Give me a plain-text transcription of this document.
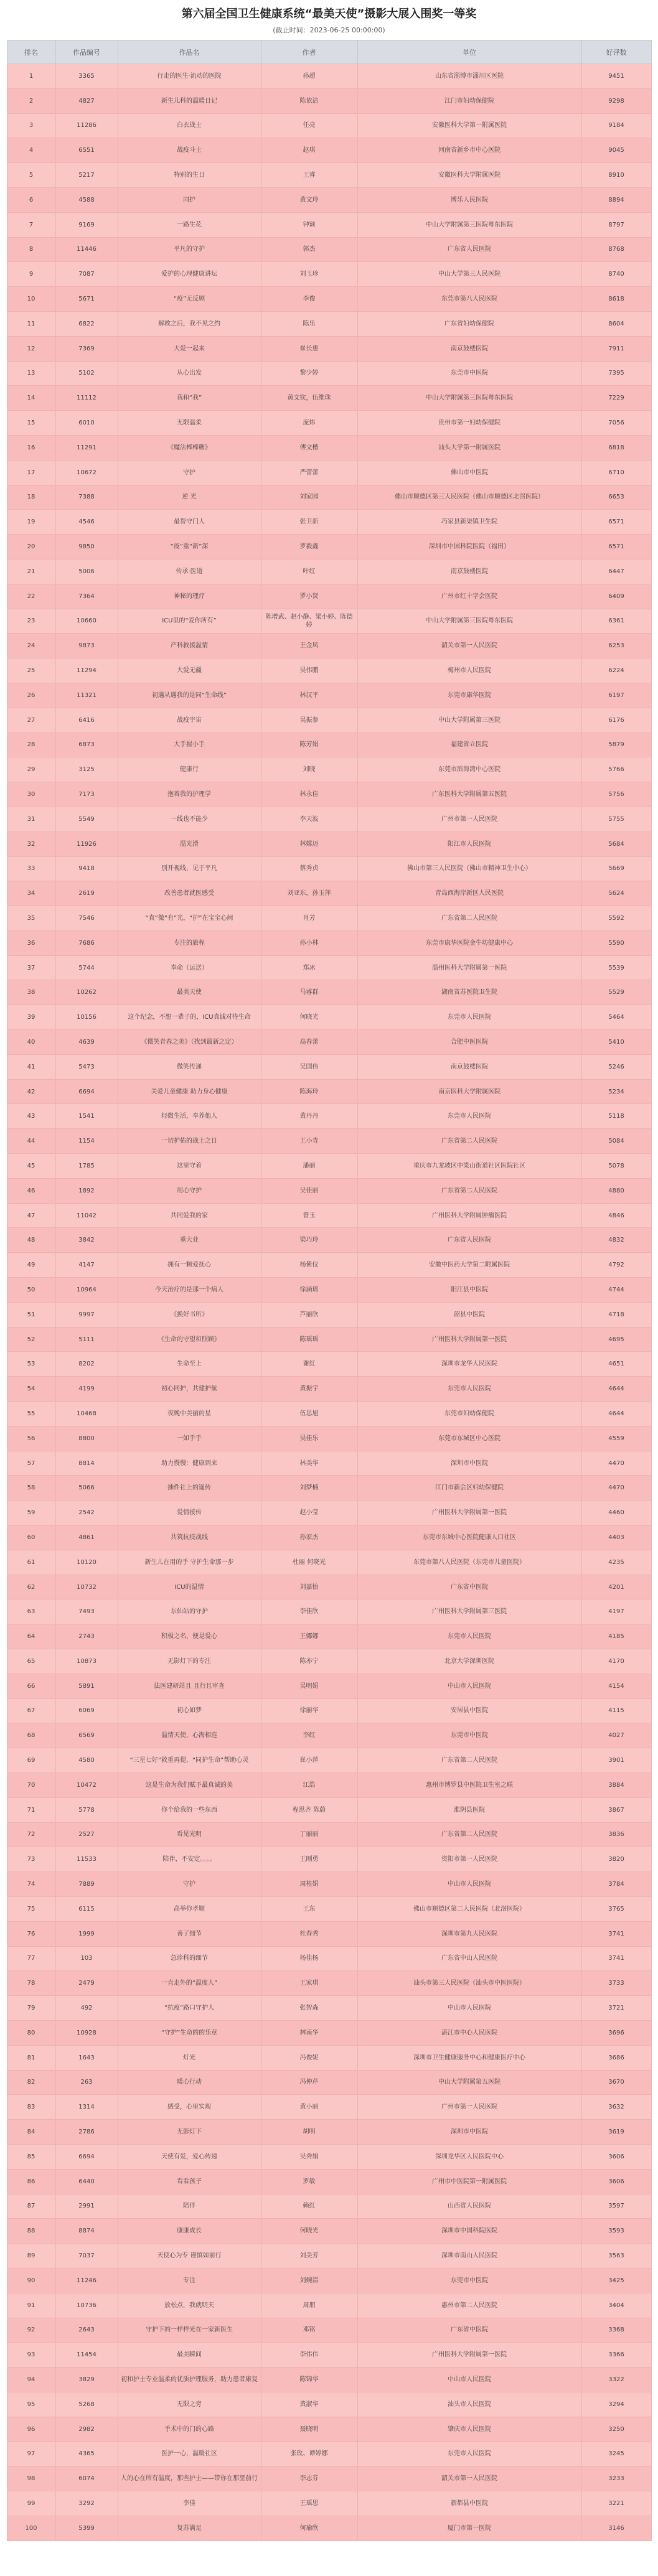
第六届全国卫生健康系统“最美天使”摄影大展入围奖一等奖
(截止时间：2023-06-25 00:00:00)
排名	作品编号	作品名	作者	单位	好评数
1	3365	行走的医生·流动的医院	孙超	山东省淄博市淄川区医院	9451
2	4827	新生儿科的温暖日记	陈依洁	江门市妇幼保健院	9298
3	11286	白衣战士	任亮	安徽医科大学第一附属医院	9184
4	6551	战疫斗士	赵琪	河南省新乡市中心医院	9045
5	5217	特别的生日	王睿	安徽医科大学附属医院	8910
6	4588	同护	黄文玲	博乐人民医院	8894
7	9169	一路生花	钟颖	中山大学附属第三医院粤东医院	8797
8	11446	平凡的守护	郭杰	广东省人民医院	8768
9	7087	爱护的心理健康讲坛	刘玉珍	中山大学第三人民医院	8740
10	5671	“疫”无反顾	李俊	东莞市第八人民医院	8618
11	6822	解救之后，我不见之约	陈乐	广东省妇幼保健院	8604
12	7369	大爱一起来	崔长惠	南京鼓楼医院	7911
13	5102	从心出发	黎少婷	东莞市中医院	7395
14	11112	我和“我”	黄文钦，伍维珠	中山大学附属第三医院粤东医院	7229
15	6010	无限温柔	庞炜	贵州市第一妇幼保健院	7056
16	11291	《魔法棒棒糖》	傅文楷	汕头大学第一附属医院	6818
17	10672	守护	严蕾蕾	佛山市中医院	6710
18	7388	逆 光	刘家园	佛山市顺德区第三人民医院（佛山市顺德区北滘医院）	6653
19	4546	最帮守门人	张卫新	巧家县新渠镇卫生院	6571
20	9850	“疫”重“新”深	罗毅鑫	深圳市中国科院医院（福田）	6571
21	5006	传承·医道	叶红	南京鼓楼医院	6447
22	7364	神秘的理疗	罗小贤	广州市红十字会医院	6409
23	10660	ICU里的“爱你所有”	陈增武、赵小静、梁小婷、陈德婷	中山大学附属第三医院粤东医院	6361
24	9873	产科救援温情	王金凤	韶关市第一人民医院	6253
25	11294	大爱无疆	吴伟鹏	梅州市人民医院	6224
26	11321	初遇从遇我的是同“生命线”	林汉平	东莞市康华医院	6197
27	6416	战疫宇宙	吴振参	中山大学附属第三医院	6176
28	6873	大手握小手	陈芳娟	福建省立医院	5879
29	3125	健康行	刘晓	东莞市滨海湾中心医院	5766
30	7173	抱着我的护理学	林永佳	广东医科大学附属第五医院	5756
31	5549	一线也不能少	李天波	广州市第一人民医院	5755
32	11926	温光滑	林嫦迈	阳江市人民医院	5684
33	9418	别开视线，见于平凡	蔡秀贞	佛山市第三人民医院（佛山市精神卫生中心）	5669
34	2619	改善患者就医感受	刘亚东，孙玉萍	青岛西海岸新区人民医院	5624
35	7546	“真”微“有”光，“护”在宝宝心间	肖芳	广东省第二人民医院	5592
36	7686	专注的旅程	孙小林	东莞市康华医院金牛坊健康中心	5590
37	5744	奉命（运送）	郑冰	温州医科大学附属第一医院	5539
38	10262	最美天使	马睿群	湖南省苏医院卫生院	5529
39	10156	这个纪念，不想一辈子的，ICU真诚对待生命	何晓光	东莞市人民医院	5464
40	4639	《微笑青春之美》（找到最新之定）	高春蕾	合肥中医医院	5410
41	5473	微笑传递	吴国伟	南京鼓楼医院	5246
42	6694	关爱儿童健康 助力身心健康	陈海玲	南京医科大学附属医院	5234
43	1541	轻微生活，奉养他人	黄丹丹	东莞市人民医院	5118
44	1154	一切护佑的战士之日	王小青	广东省第二人民医院	5084
45	1785	这里守着	潘丽	重庆市九龙坡区中梁山街道社区医院社区	5078
46	1892	用心守护	吴佳丽	广东省第二人民医院	4880
47	11042	共同爱我的家	曾玉	广州医科大学附属肿瘤医院	4846
48	3842	重大业	梁巧玲	广东省人民医院	4832
49	4147	拥有一颗爱抚心	杨紫仪	安徽中医药大学第二附属医院	4792
50	10964	今天治疗的是那一个病人	徐涵瑶	阳江县中医院	4744
51	9997	《换好书所》	芦丽欣	韶县中医院	4718
52	5111	《生命的守望和照顾》	陈瑶瑶	广州医科大学附属第一医院	4695
53	8202	生命至上	谢红	深圳市龙华人民医院	4651
54	4199	初心同护，共建护航	黄振宇	东莞市人民医院	4644
55	10468	夜晚中美丽的星	伍思旭	东莞市妇幼保健院	4644
56	8800	一如手手	吴佳乐	东莞市东城区中心医院	4559
57	8814	助力慢慢：健康到来	林美华	深圳市中医院	4470
58	5066	插件社上的遥传	刘梦楠	江门市新会区妇幼保健院	4470
59	2542	爱情接传	赵小莹	广州医科大学附属第一医院	4460
60	4861	共筑抗疫战线	孙家杰	东莞市东城中心医院健康人口社区	4403
61	10120	新生儿在用的手 守护生命那一步	杜丽 何晓光	东莞市第八人民医院（东莞市儿童医院）	4235
62	10732	ICU的温情	刘嘉怡	广东省中医院	4201
63	7493	东仙站的守护	李佳欣	广州医科大学附属第三医院	4197
64	2743	积极之名，便是爱心	王娜娜	东莞市人民医院	4185
65	10873	无影灯下的专注	陈亦宁	北京大学深圳医院	4170
66	5891	法医建研站且 且行且审查	吴明娟	中山市人民医院	4154
67	6069	初心如梦	徐丽华	安居县中医院	4115
68	6569	温情天使，心海相连	李红	东莞市中医院	4027
69	4580	“三星七好”救重再提，“同护生命”帮助心灵	崔小萍	广东省第二人民医院	3901
70	10472	这是生命为我们赋予最真诚的美	江浩	惠州市博罗县中医院卫生室之联	3884
71	5778	你个给我的一些东西	程思齐 陈蔚	淮阴县医院	3867
72	2527	看见光明	丁丽丽	广东省第二人民医院	3836
73	11533	陪伴，不安定。。。。	王刚勇	资阳市第一人民医院	3820
74	7889	守护	周桂娟	中山市人民医院	3784
75	6115	高举你孝顺	王东	佛山市顺德区第二人民医院（北滘医院）	3765
76	1999	善了细节	杜春秀	深圳市第九人民医院	3741
77	103	急诊科的细节	杨佳杨	广东省中山人民医院	3741
78	2479	一直走外的“温度人”	王家琪	汕头市第三人民医院（汕头市中医医院）	3733
79	492	“抗疫”路口守护人	张智森	中山市人民医院	3721
80	10928	“守护”生命的的乐章	林南华	湛江市中心人民医院	3696
81	1643	灯光	冯俊妮	深圳市卫生健康服务中心和健康医疗中心	3686
82	263	暖心行动	冯仲芹	中山大学附属第五医院	3670
83	1314	感受，心里实现	黄小丽	广州市第一人民医院	3632
84	2786	无影灯下	胡明	深圳市中医院	3619
85	6694	天使有爱，爱心传递	吴秀娟	深圳龙华区人民医院中心	3606
86	6440	看看孩子	罗敏	广州市中医院第一附属医院	3606
87	2991	陪伴	赖红	山西省人民医院	3597
88	8874	康康成长	何晓光	深圳市中国科院医院	3593
89	7037	天使心为专 谨慎如前行	刘美芳	深圳市南山人民医院	3563
90	11246	专注	刘婉清	东莞市中医院	3425
91	10736	放松点，我就明天	周朋	惠州市第二人民医院	3404
92	2643	守护下的一样样光在一家新医生	邓铭	广东省中医院	3368
93	11454	最美瞬间	李伟伟	广州医科大学附属第一医院	3366
94	3829	初和护士专业温柔的优质护理服务，助力患者康复	陈锦华	中山市人民医院	3322
95	5268	无限之旁	黄淑华	汕头市人民医院	3294
96	2982	手术中的门的心路	聂晓明	肇庆市人民医院	3250
97	4365	医护一心，温暖社区	张玫、谭婷娜	东莞市人民医院	3245
98	6074	人的心在所有温度，那些护士——带你在那里前行	李志芬	韶关市第一人民医院	3233
99	3292	李佳	王瑶思	新都县中医院	3221
100	5399	复苏满足	何瑜欣	厦门市第一医院	3146
